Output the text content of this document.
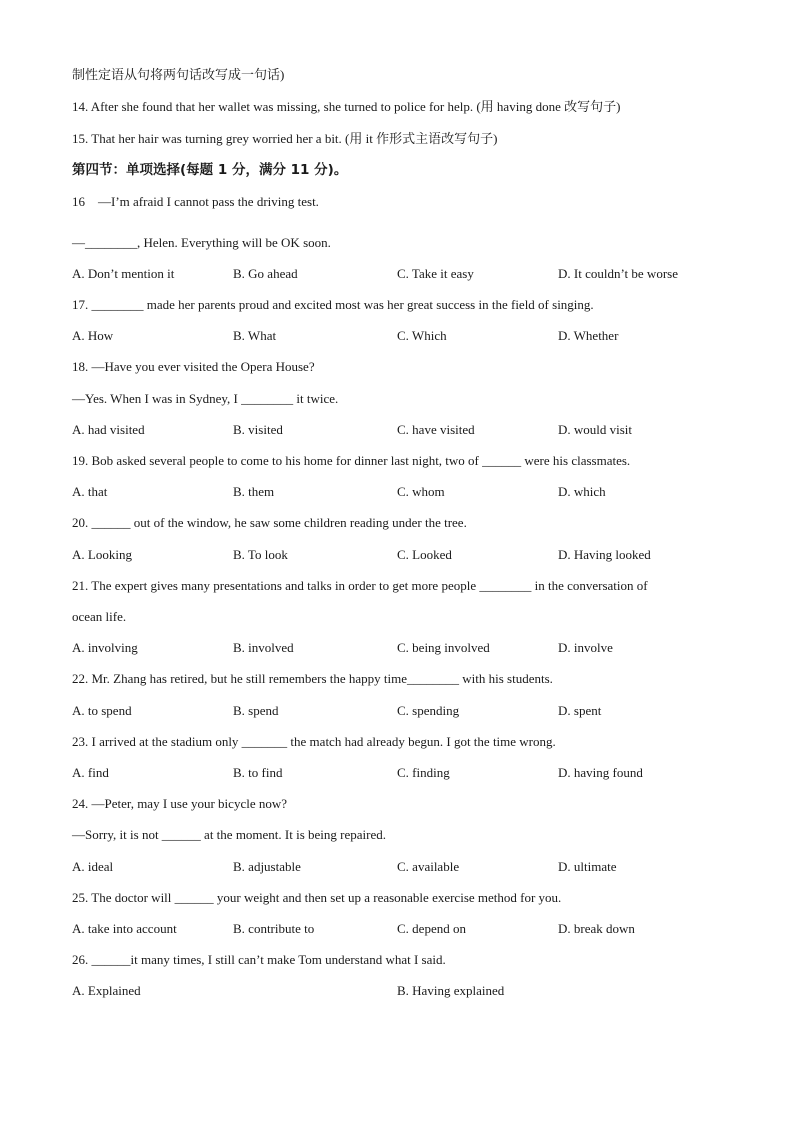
制性定语从句将两句话改写成一句话)
14. After she found that her wallet was missing, she turned to police for help. (用 having done 改写句子)
15. That her hair was turning grey worried her a bit. (用 it 作形式主语改写句子)
第四节：单项选择(每题 1 分，满分 11 分)。
16　—I’m afraid I cannot pass the driving test.
—________, Helen. Everything will be OK soon.
A. Don’t mention it	B. Go ahead	C. Take it easy	D. It couldn’t be worse
17. ________ made her parents proud and excited most was her great success in the field of singing.
A. How	B. What	C. Which	D. Whether
18. —Have you ever visited the Opera House?
—Yes. When I was in Sydney, I ________ it twice.
A. had visited	B. visited	C. have visited	D. would visit
19. Bob asked several people to come to his home for dinner last night, two of ______ were his classmates.
A. that	B. them	C. whom	D. which
20. ______ out of the window, he saw some children reading under the tree.
A. Looking	B. To look	C. Looked	D. Having looked
21. The expert gives many presentations and talks in order to get more people ________ in the conversation of
ocean life.
A. involving	B. involved	C. being involved	D. involve
22. Mr. Zhang has retired, but he still remembers the happy time________ with his students.
A. to spend	B. spend	C. spending	D. spent
23. I arrived at the stadium only _______ the match had already begun. I got the time wrong.
A. find	B. to find	C. finding	D. having found
24. —Peter, may I use your bicycle now?
—Sorry, it is not ______ at the moment. It is being repaired.
A. ideal	B. adjustable	C. available	D. ultimate
25. The doctor will ______ your weight and then set up a reasonable exercise method for you.
A. take into account	B. contribute to	C. depend on	D. break down
26. ______it many times, I still can’t make Tom understand what I said.
A. Explained	B. Having explained
